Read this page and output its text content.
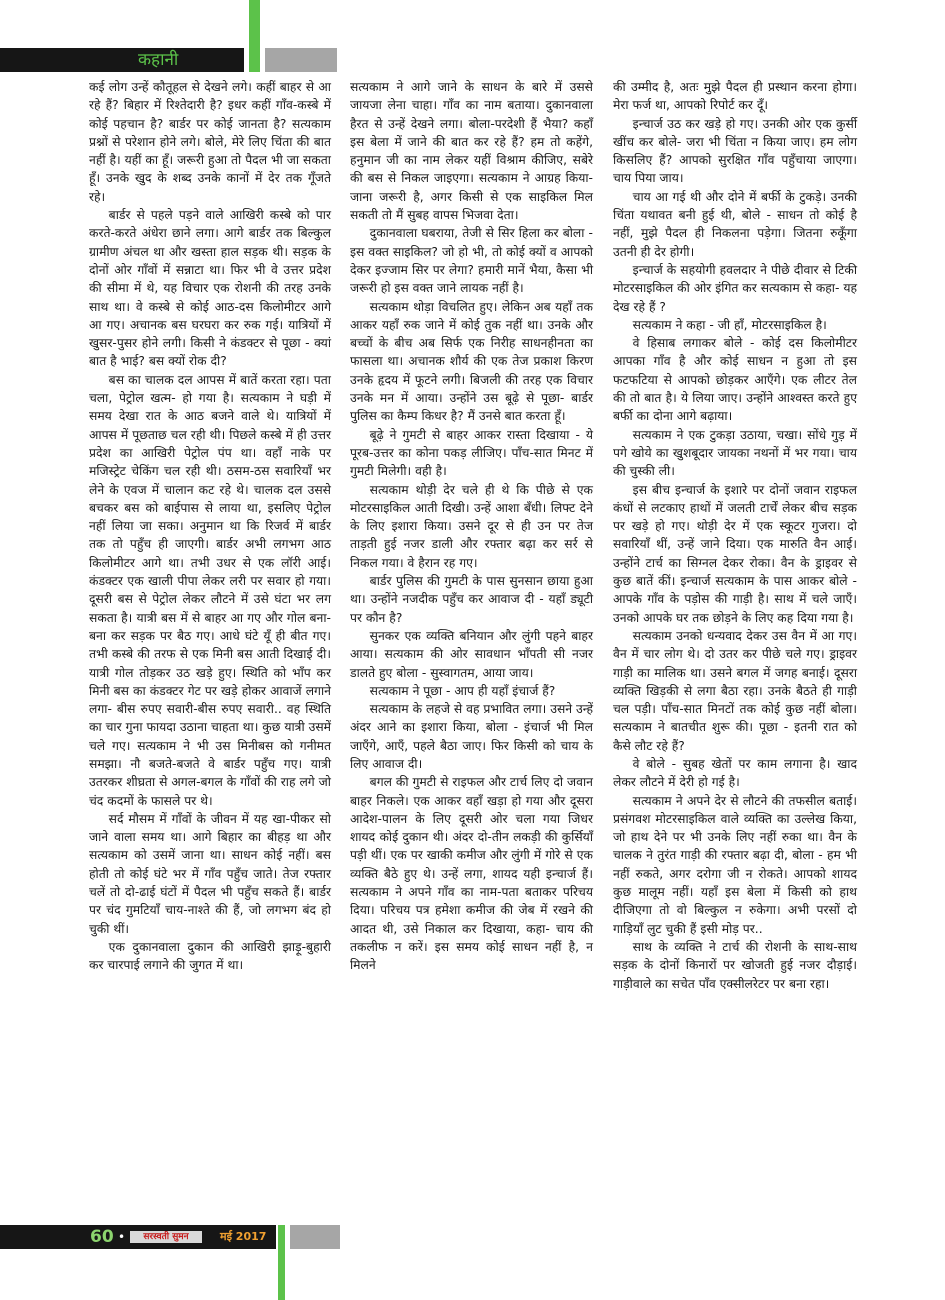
कहानी

कई लोग उन्हें कौतूहल से देखने लगे। कहीं बाहर से आ रहे हैं? बिहार में रिश्तेदारी है? इधर कहीं गाँव-कस्बे में कोई पहचान है? बार्डर पर कोई जानता है? सत्यकाम प्रश्नों से परेशान होने लगे। बोले, मेरे लिए चिंता की बात नहीं है। यहीं का हूँ। जरूरी हुआ तो पैदल भी जा सकता हूँ। उनके खुद के शब्द उनके कानों में देर तक गूँजते रहे।

बार्डर से पहले पड़ने वाले आखिरी कस्बे को पार करते-करते अंधेरा छाने लगा। आगे बार्डर तक बिल्कुल ग्रामीण अंचल था और खस्ता हाल सड़क थी। सड़क के दोनों ओर गाँवों में सन्नाटा था। फिर भी वे उत्तर प्रदेश की सीमा में थे, यह विचार एक रोशनी की तरह उनके साथ था। वे कस्बे से कोई आठ-दस किलोमीटर आगे आ गए। अचानक बस घरघरा कर रुक गई। यात्रियों में खुसर-पुसर होने लगी। किसी ने कंडक्टर से पूछा - क्यां बात है भाई? बस क्यों रोक दी?

बस का चालक दल आपस में बातें करता रहा। पता चला, पेट्रोल खत्म- हो गया है। सत्यकाम ने घड़ी में समय देखा रात के आठ बजने वाले थे। यात्रियों में आपस में पूछताछ चल रही थी। पिछले कस्बे में ही उत्तर प्रदेश का आखिरी पेट्रोल पंप था। वहाँ नाके पर मजिस्ट्रेट चेकिंग चल रही थी। ठसम-ठस सवारियाँ भर लेने के एवज में चालान कट रहे थे। चालक दल उससे बचकर बस को बाईपास से लाया था, इसलिए पेट्रोल नहीं लिया जा सका। अनुमान था कि रिजर्व में बार्डर तक तो पहुँच ही जाएगी। बार्डर अभी लगभग आठ किलोमीटर आगे था। तभी उधर से एक लॉरी आई। कंडक्टर एक खाली पीपा लेकर लरी पर सवार हो गया। दूसरी बस से पेट्रोल लेकर लौटने में उसे घंटा भर लग सकता है। यात्री बस में से बाहर आ गए और गोल बना-बना कर सड़क पर बैठ गए। आधे घंटे यूँ ही बीत गए। तभी कस्बे की तरफ से एक मिनी बस आती दिखाई दी। यात्री गोल तोड़कर उठ खड़े हुए। स्थिति को भाँप कर मिनी बस का कंडक्टर गेट पर खड़े होकर आवाजें लगाने लगा- बीस रुपए सवारी-बीस रुपए सवारी.. वह स्थिति का चार गुना फायदा उठाना चाहता था। कुछ यात्री उसमें चले गए। सत्यकाम ने भी उस मिनीबस को गनीमत समझा। नौ बजते-बजते वे बार्डर पहुँच गए। यात्री उतरकर शीघ्रता से अगल-बगल के गाँवों की राह लगे जो चंद कदमों के फासले पर थे।

सर्द मौसम में गाँवों के जीवन में यह खा-पीकर सो जाने वाला समय था। आगे बिहार का बीहड़ था और सत्यकाम को उसमें जाना था। साधन कोई नहीं। बस होती तो कोई घंटे भर में गाँव पहुँच जाते। तेज रफ्तार चलें तो दो-ढाई घंटों में पैदल भी पहुँच सकते हैं। बार्डर पर चंद गुमटियाँ चाय-नाश्ते की हैं, जो लगभग बंद हो चुकी थीं।

एक दुकानवाला दुकान की आखिरी झाड़ू-बुहारी कर चारपाई लगाने की जुगत में था।

सत्यकाम ने आगे जाने के साधन के बारे में उससे जायजा लेना चाहा। गाँव का नाम बताया। दुकानवाला हैरत से उन्हें देखने लगा। बोला-परदेशी हैं भैया? कहाँ इस बेला में जाने की बात कर रहे हैं? हम तो कहेंगे, हनुमान जी का नाम लेकर यहीं विश्राम कीजिए, सबेरे की बस से निकल जाइएगा। सत्यकाम ने आग्रह किया-जाना जरूरी है, अगर किसी से एक साइकिल मिल सकती तो मैं सुबह वापस भिजवा देता।

दुकानवाला घबराया, तेजी से सिर हिला कर बोला - इस वक्त साइकिल? जो हो भी, तो कोई क्यों व आपको देकर इज्जाम सिर पर लेगा? हमारी मानें भैया, कैसा भी जरूरी हो इस वक्त जाने लायक नहीं है।

सत्यकाम थोड़ा विचलित हुए। लेकिन अब यहाँ तक आकर यहाँ रुक जाने में कोई तुक नहीं था। उनके और बच्चों के बीच अब सिर्फ एक निरीह साधनहीनता का फासला था। अचानक शौर्य की एक तेज प्रकाश किरण उनके हृदय में फूटने लगी। बिजली की तरह एक विचार उनके मन में आया। उन्होंने उस बूढ़े से पूछा- बार्डर पुलिस का कैम्प किधर है? मैं उनसे बात करता हूँ।

बूढ़े ने गुमटी से बाहर आकर रास्ता दिखाया - ये पूरब-उत्तर का कोना पकड़ लीजिए। पाँच-सात मिनट में गुमटी मिलेगी। वही है।

सत्यकाम थोड़ी देर चले ही थे कि पीछे से एक मोटरसाइकिल आती दिखी। उन्हें आशा बँधी। लिफ्ट देने के लिए इशारा किया। उसने दूर से ही उन पर तेज ताड़ती हुई नजर डाली और रफ्तार बढ़ा कर सर्र से निकल गया। वे हैरान रह गए।

बार्डर पुलिस की गुमटी के पास सुनसान छाया हुआ था। उन्होंने नजदीक पहुँच कर आवाज दी - यहाँ ड्यूटी पर कौन है?

सुनकर एक व्यक्ति बनियान और लुंगी पहने बाहर आया। सत्यकाम की ओर सावधान भाँपती सी नजर डालते हुए बोला - सुस्वागतम, आया जाय।

सत्यकाम ने पूछा - आप ही यहाँ इंचार्ज हैं?

सत्यकाम के लहजे से वह प्रभावित लगा। उसने उन्हें अंदर आने का इशारा किया, बोला - इंचार्ज भी मिल जाएँगे, आएँ, पहले बैठा जाए। फिर किसी को चाय के लिए आवाज दी।

बगल की गुमटी से राइफल और टार्च लिए दो जवान बाहर निकले। एक आकर वहाँ खड़ा हो गया और दूसरा आदेश-पालन के लिए दूसरी ओर चला गया जिधर शायद कोई दुकान थी। अंदर दो-तीन लकड़ी की कुर्सियाँ पड़ी थीं। एक पर खाकी कमीज और लुंगी में गोरे से एक व्यक्ति बैठे हुए थे। उन्हें लगा, शायद यही इन्चार्ज हैं। सत्यकाम ने अपने गाँव का नाम-पता बताकर परिचय दिया। परिचय पत्र हमेशा कमीज की जेब में रखने की आदत थी, उसे निकाल कर दिखाया, कहा- चाय की तकलीफ न करें। इस समय कोई साधन नहीं है, न मिलने

की उम्मीद है, अतः मुझे पैदल ही प्रस्थान करना होगा। मेरा फर्ज था, आपको रिपोर्ट कर दूँ।

इन्चार्ज उठ कर खड़े हो गए। उनकी ओर एक कुर्सी खींच कर बोले- जरा भी चिंता न किया जाए। हम लोग किसलिए हैं? आपको सुरक्षित गाँव पहुँचाया जाएगा। चाय पिया जाय।

चाय आ गई थी और दोने में बर्फी के टुकड़े। उनकी चिंता यथावत बनी हुई थी, बोले - साधन तो कोई है नहीं, मुझे पैदल ही निकलना पड़ेगा। जितना रुकूँगा उतनी ही देर होगी।

इन्चार्ज के सहयोगी हवलदार ने पीछे दीवार से टिकी मोटरसाइकिल की ओर इंगित कर सत्यकाम से कहा- यह देख रहे हैं ?

सत्यकाम ने कहा - जी हाँ, मोटरसाइकिल है।

वे हिसाब लगाकर बोले - कोई दस किलोमीटर आपका गाँव है और कोई साधन न हुआ तो इस फटफटिया से आपको छोड़कर आएँगे। एक लीटर तेल की तो बात है। ये लिया जाए। उन्होंने आश्वस्त करते हुए बर्फी का दोना आगे बढ़ाया।

सत्यकाम ने एक टुकड़ा उठाया, चखा। सोंधे गुड़ में पगे खोये का खुशबूदार जायका नथनों में भर गया। चाय की चुस्की ली।

इस बीच इन्चार्ज के इशारे पर दोनों जवान राइफल कंधों से लटकाए हाथों में जलती टार्चें लेकर बीच सड़क पर खड़े हो गए। थोड़ी देर में एक स्कूटर गुजरा। दो सवारियाँ थीं, उन्हें जाने दिया। एक मारुति वैन आई। उन्होंने टार्च का सिग्नल देकर रोका। वैन के ड्राइवर से कुछ बातें कीं। इन्चार्ज सत्यकाम के पास आकर बोले - आपके गाँव के पड़ोस की गाड़ी है। साथ में चले जाएँ। उनको आपके घर तक छोड़ने के लिए कह दिया गया है।

सत्यकाम उनको धन्यवाद देकर उस वैन में आ गए। वैन में चार लोग थे। दो उतर कर पीछे चले गए। ड्राइवर गाड़ी का मालिक था। उसने बगल में जगह बनाई। दूसरा व्यक्ति खिड़की से लगा बैठा रहा। उनके बैठते ही गाड़ी चल पड़ी। पाँच-सात मिनटों तक कोई कुछ नहीं बोला। सत्यकाम ने बातचीत शुरू की। पूछा - इतनी रात को कैसे लौट रहे हैं?

वे बोले - सुबह खेतों पर काम लगाना है। खाद लेकर लौटने में देरी हो गई है।

सत्यकाम ने अपने देर से लौटने की तफसील बताई। प्रसंगवश मोटरसाइकिल वाले व्यक्ति का उल्लेख किया, जो हाथ देने पर भी उनके लिए नहीं रुका था। वैन के चालक ने तुरंत गाड़ी की रफ्तार बढ़ा दी, बोला - हम भी नहीं रुकते, अगर दरोगा जी न रोकते। आपको शायद कुछ मालूम नहीं। यहाँ इस बेला में किसी को हाथ दीजिएगा तो वो बिल्कुल न रुकेगा। अभी परसों दो गाड़ियाँ लुट चुकी हैं इसी मोड़ पर..

साथ के व्यक्ति ने टार्च की रोशनी के साथ-साथ सड़क के दोनों किनारों पर खोजती हुई नजर दौड़ाई। गाड़ीवाले का सचेत पाँव एक्सीलरेटर पर बना रहा।

60 •	सरस्वती सुमन	मई 2017
